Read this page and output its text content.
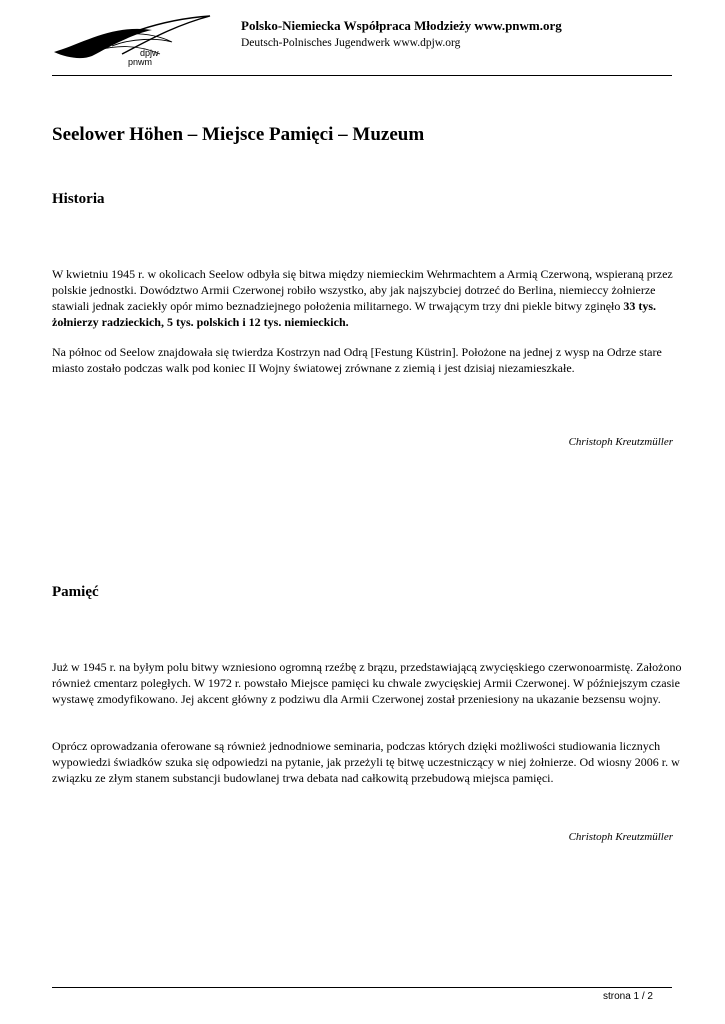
dpjw
pnwm

Polsko-Niemiecka Współpraca Młodzieży www.pnwm.org

Deutsch-Polnisches Jugendwerk www.dpjw.org

Seelower Höhen – Miejsce Pamięci – Muzeum
Historia

W kwietniu 1945 r. w okolicach Seelow odbyła się bitwa między niemieckim Wehrmachtem a Armią Czerwoną, wspieraną przez polskie jednostki. Dowództwo Armii Czerwonej robiło wszystko, aby jak najszybciej dotrzeć do Berlina, niemieccy żołnierze stawiali jednak zaciekły opór mimo beznadziejnego położenia militarnego. W trwającym trzy dni piekle bitwy zginęło 33 tys. żołnierzy radzieckich, 5 tys. polskich i 12 tys. niemieckich.

Na północ od Seelow znajdowała się twierdza Kostrzyn nad Odrą [Festung Küstrin]. Położone na jednej z wysp na Odrze stare miasto zostało podczas walk pod koniec II Wojny światowej zrównane z ziemią i jest dzisiaj niezamieszkałe.

Christoph Kreutzmüller

Pamięć

Już w 1945 r. na byłym polu bitwy wzniesiono ogromną rzeźbę z brązu, przedstawiającą zwycięskiego czerwonoarmistę. Założono również cmentarz poległych. W 1972 r. powstało Miejsce pamięci ku chwale zwycięskiej Armii Czerwonej. W późniejszym czasie wystawę zmodyfikowano. Jej akcent główny z podziwu dla Armii Czerwonej został przeniesiony na ukazanie bezsensu wojny.

Oprócz oprowadzania oferowane są również jednodniowe seminaria, podczas których dzięki możliwości studiowania licznych wypowiedzi świadków szuka się odpowiedzi na pytanie, jak przeżyli tę bitwę uczestniczący w niej żołnierze. Od wiosny 2006 r. w związku ze złym stanem substancji budowlanej trwa debata nad całkowitą przebudową miejsca pamięci.

Christoph Kreutzmüller

strona 1 / 2
